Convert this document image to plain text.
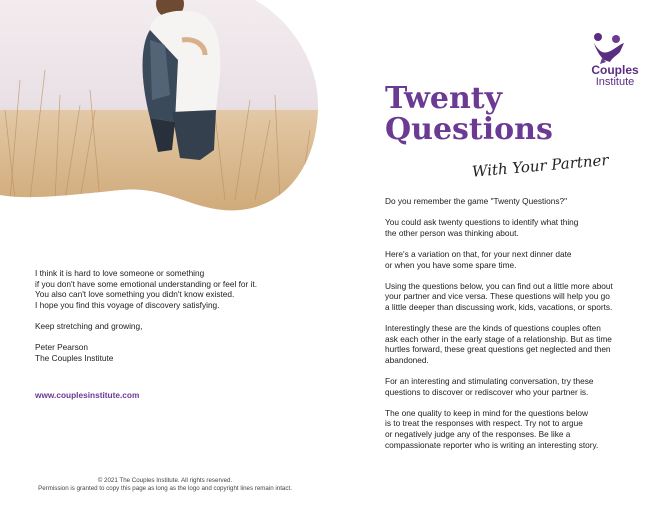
Couples
Institute
Twenty
Questions
With Your Partner

Do you remember the game "Twenty Questions?"

You could ask twenty questions to identify what thing
the other person was thinking about.

Here's a variation on that, for your next dinner date
or when you have some spare time.

Using the questions below, you can find out a little more about
your partner and vice versa. These questions will help you go
a little deeper than discussing work, kids, vacations, or sports.

Interestingly these are the kinds of questions couples often
ask each other in the early stage of a relationship. But as time
hurtles forward, these great questions get neglected and then
abandoned.

For an interesting and stimulating conversation, try these
questions to discover or rediscover who your partner is.

The one quality to keep in mind for the questions below
is to treat the responses with respect. Try not to argue
or negatively judge any of the responses. Be like a
compassionate reporter who is writing an interesting story.

I think it is hard to love someone or something
if you don't have some emotional understanding or feel for it.
You also can't love something you didn't know existed.
I hope you find this voyage of discovery satisfying.

Keep stretching and growing,

Peter Pearson
The Couples Institute

www.couplesinstitute.com
© 2021 The Couples Institute. All rights reserved.
Permission is granted to copy this page as long as the logo and copyright lines remain intact.
